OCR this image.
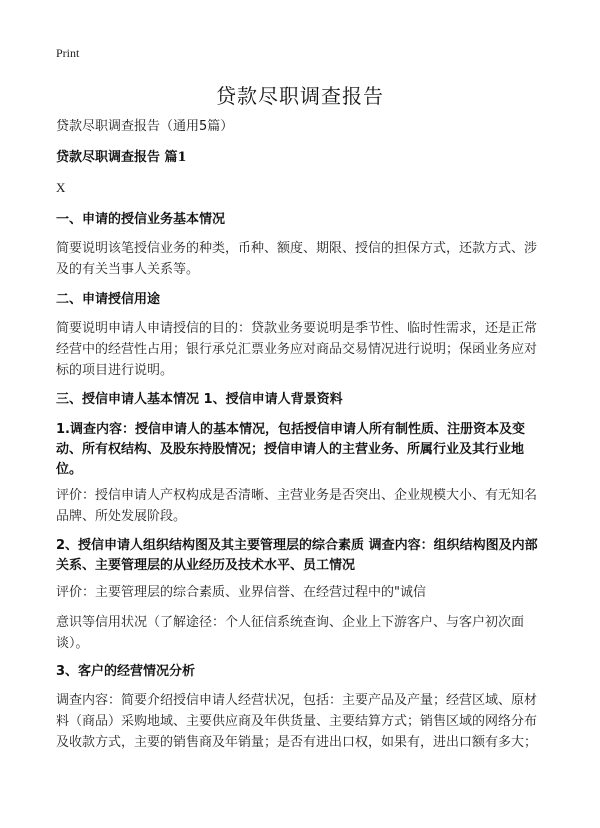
Print
贷款尽职调查报告
贷款尽职调查报告（通用5篇）
贷款尽职调查报告 篇1
X
一、申请的授信业务基本情况
简要说明该笔授信业务的种类，币种、额度、期限、授信的担保方式，还款方式、涉及的有关当事人关系等。
二、申请授信用途
简要说明申请人申请授信的目的：贷款业务要说明是季节性、临时性需求，还是正常经营中的经营性占用；银行承兑汇票业务应对商品交易情况进行说明；保函业务应对标的项目进行说明。
三、授信申请人基本情况 1、授信申请人背景资料
1.调查内容：授信申请人的基本情况，包括授信申请人所有制性质、注册资本及变动、所有权结构、及股东持股情况；授信申请人的主营业务、所属行业及其行业地位。
评价：授信申请人产权构成是否清晰、主营业务是否突出、企业规模大小、有无知名品牌、所处发展阶段。
2、授信申请人组织结构图及其主要管理层的综合素质 调查内容：组织结构图及内部关系、主要管理层的从业经历及技术水平、员工情况
评价：主要管理层的综合素质、业界信誉、在经营过程中的"诚信
意识等信用状况（了解途径：个人征信系统查询、企业上下游客户、与客户初次面谈）。
3、客户的经营情况分析
调查内容：简要介绍授信申请人经营状况，包括：主要产品及产量；经营区域、原材料（商品）采购地域、主要供应商及年供货量、主要结算方式；销售区域的网络分布及收款方式，主要的销售商及年销量；是否有进出口权，如果有，进出口额有多大；
